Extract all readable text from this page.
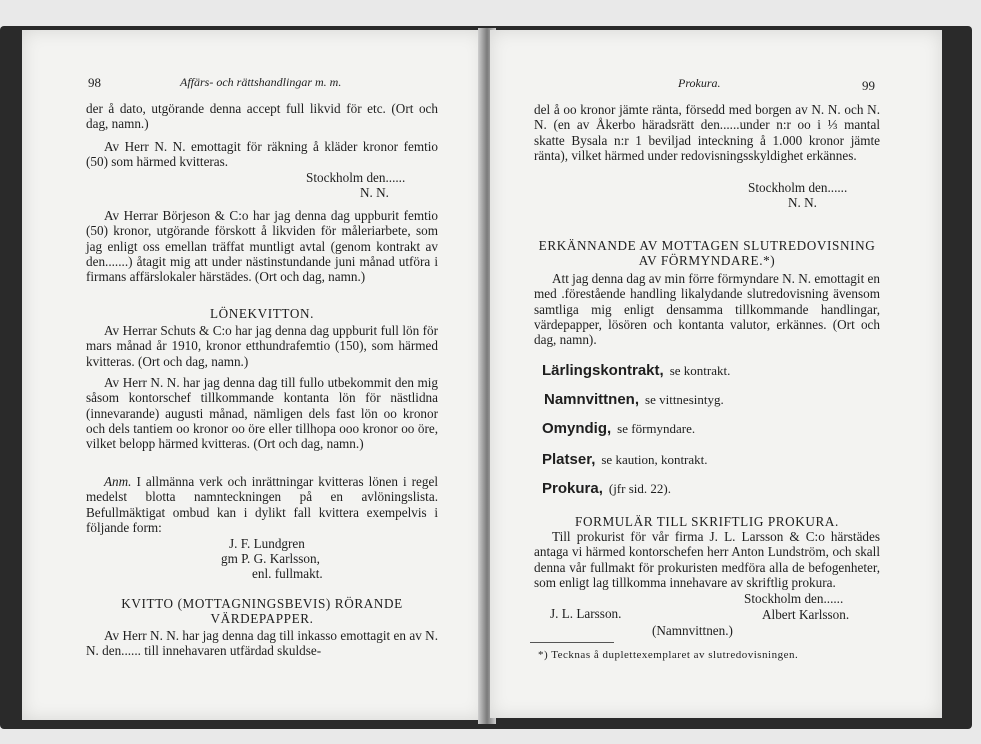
98	Affärs- och rättshandlingar m. m.

der å dato, utgörande denna accept full likvid för etc. (Ort och dag, namn.)

Av Herr N. N. emottagit för räkning å kläder kronor femtio (50) som härmed kvitteras.

Stockholm den......
N. N.

Av Herrar Börjeson & C:o har jag denna dag uppburit femtio (50) kronor, utgörande förskott å likviden för måleriarbete, som jag enligt oss emellan träffat muntligt avtal (genom kontrakt av den.......) åtagit mig att under nästinstundande juni månad utföra i firmans affärslokaler härstädes. (Ort och dag, namn.)

LÖNEKVITTON.

Av Herrar Schuts & C:o har jag denna dag uppburit full lön för mars månad år 1910, kronor etthundrafemtio (150), som härmed kvitteras. (Ort och dag, namn.)

Av Herr N. N. har jag denna dag till fullo utbekommit den mig såsom kontorschef tillkommande kontanta lön för nästlidna (innevarande) augusti månad, nämligen dels fast lön oo kronor och dels tantiem oo kronor oo öre eller tillhopa ooo kronor oo öre, vilket belopp härmed kvitteras. (Ort och dag, namn.)

Anm. I allmänna verk och inrättningar kvitteras lönen i regel medelst blotta namnteckningen på en avlöningslista. Befullmäktigat ombud kan i dylikt fall kvittera exempelvis i följande form:

J. F. Lundgren
gm P. G. Karlsson,
enl. fullmakt.
KVITTO (MOTTAGNINGSBEVIS) RÖRANDE VÄRDEPAPPER.

Av Herr N. N. har jag denna dag till inkasso emottagit en av N. N. den...... till innehavaren utfärdad skuldse-

Prokura.	99

del å oo kronor jämte ränta, försedd med borgen av N. N. och N. N. (en av Åkerbo häradsrätt den......under n:r oo i ⅓ mantal skatte Bysala n:r 1 beviljad inteckning å 1.000 kronor jämte ränta), vilket härmed under redovisningsskyldighet erkännes.

Stockholm den......
N. N.
ERKÄNNANDE AV MOTTAGEN SLUTREDOVISNING AV FÖRMYNDARE.*)

Att jag denna dag av min förre förmyndare N. N. emottagit en med .förestående handling likalydande slutredovisning ävensom samtliga mig enligt densamma tillkommande handlingar, värdepapper, lösören och kontanta valutor, erkännes. (Ort och dag, namn).

Lärlingskontrakt, se kontrakt.
Namnvittnen, se vittnesintyg.
Omyndig, se förmyndare.
Platser, se kaution, kontrakt.
Prokura, (jfr sid. 22).
FORMULÄR TILL SKRIFTLIG PROKURA.

Till prokurist för vår firma J. L. Larsson & C:o härstädes antaga vi härmed kontorschefen herr Anton Lundström, och skall denna vår fullmakt för prokuristen medföra alla de befogenheter, som enligt lag tillkomma innehavare av skriftlig prokura.

Stockholm den......
J. L. Larsson.	Albert Karlsson.
(Namnvittnen.)
*) Tecknas å duplettexemplaret av slutredovisningen.
